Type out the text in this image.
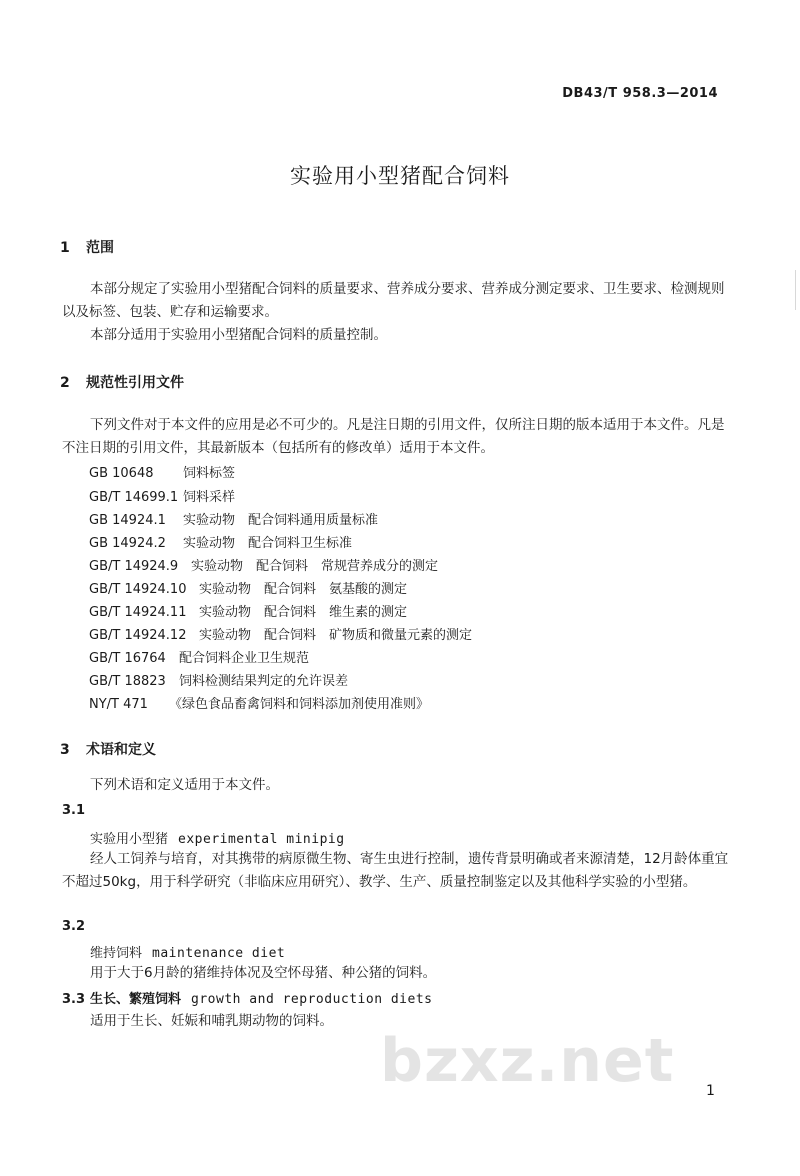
DB43/T 958.3—2014
实验用小型猪配合饲料
1 范围
本部分规定了实验用小型猪配合饲料的质量要求、营养成分要求、营养成分测定要求、卫生要求、检测规则以及标签、包装、贮存和运输要求。
本部分适用于实验用小型猪配合饲料的质量控制。
2 规范性引用文件
下列文件对于本文件的应用是必不可少的。凡是注日期的引用文件，仅所注日期的版本适用于本文件。凡是不注日期的引用文件，其最新版本（包括所有的修改单）适用于本文件。
GB 10648 饲料标签
GB/T 14699.1 饲料采样
GB 14924.1 实验动物　配合饲料通用质量标准
GB 14924.2 实验动物　配合饲料卫生标准
GB/T 14924.9 实验动物　配合饲料　常规营养成分的测定
GB/T 14924.10 实验动物　配合饲料　氨基酸的测定
GB/T 14924.11 实验动物　配合饲料　维生素的测定
GB/T 14924.12 实验动物　配合饲料　矿物质和微量元素的测定
GB/T 16764 配合饲料企业卫生规范
GB/T 18823 饲料检测结果判定的允许误差
NY/T 471 《绿色食品畜禽饲料和饲料添加剂使用准则》
3 术语和定义
下列术语和定义适用于本文件。
3.1
实验用小型猪 experimental minipig
经人工饲养与培育，对其携带的病原微生物、寄生虫进行控制，遗传背景明确或者来源清楚，12月龄体重宜不超过50kg，用于科学研究（非临床应用研究）、教学、生产、质量控制鉴定以及其他科学实验的小型猪。
3.2
维持饲料 maintenance diet
用于大于6月龄的猪维持体况及空怀母猪、种公猪的饲料。
3.3 生长、繁殖饲料 growth and reproduction diets
适用于生长、妊娠和哺乳期动物的饲料。
bzxz.net 1
